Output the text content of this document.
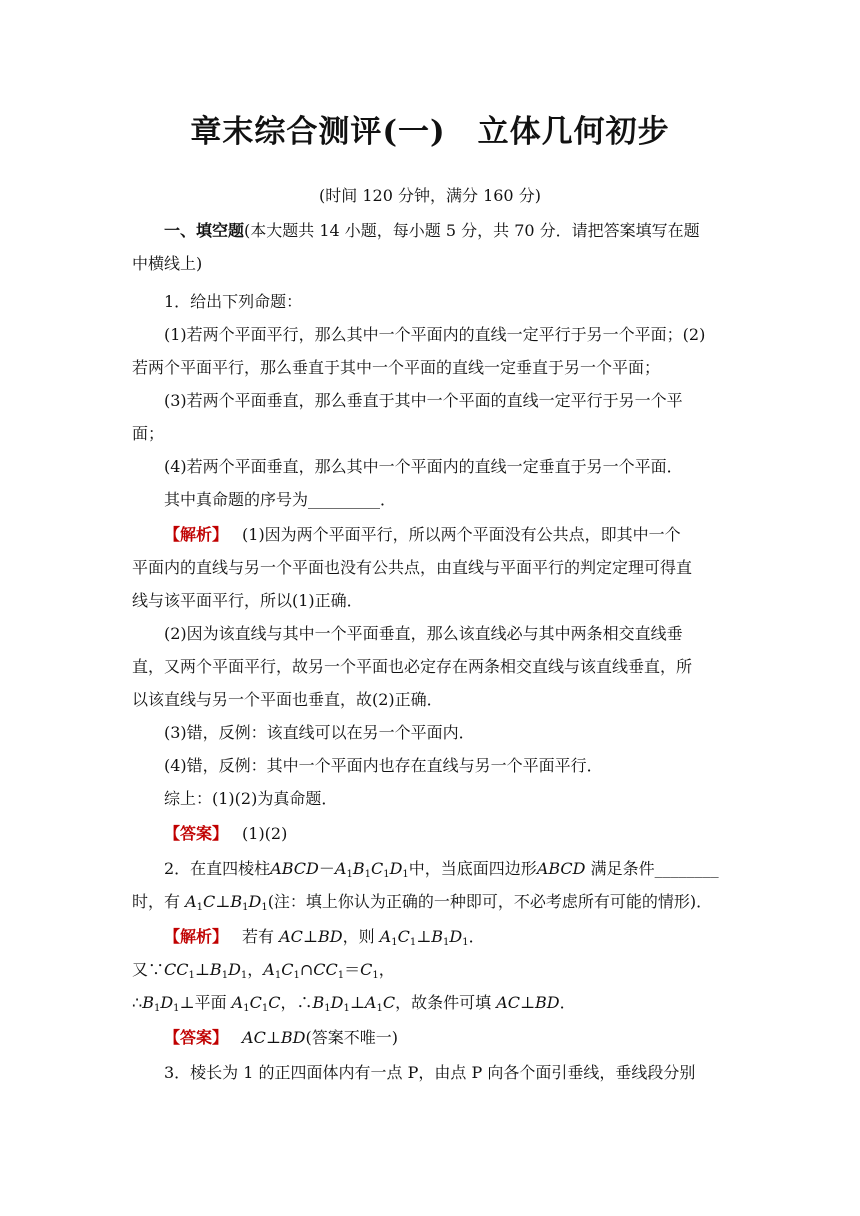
章末综合测评(一)　立体几何初步
(时间 120 分钟，满分 160 分)
一、填空题(本大题共 14 小题，每小题 5 分，共 70 分．请把答案填写在题
中横线上)
1．给出下列命题：
(1)若两个平面平行，那么其中一个平面内的直线一定平行于另一个平面；(2)
若两个平面平行，那么垂直于其中一个平面的直线一定垂直于另一个平面；
(3)若两个平面垂直，那么垂直于其中一个平面的直线一定平行于另一个平
面；
(4)若两个平面垂直，那么其中一个平面内的直线一定垂直于另一个平面．
其中真命题的序号为_________．
【解析】 (1)因为两个平面平行，所以两个平面没有公共点，即其中一个
平面内的直线与另一个平面也没有公共点，由直线与平面平行的判定定理可得直
线与该平面平行，所以(1)正确．
(2)因为该直线与其中一个平面垂直，那么该直线必与其中两条相交直线垂
直，又两个平面平行，故另一个平面也必定存在两条相交直线与该直线垂直，所
以该直线与另一个平面也垂直，故(2)正确．
(3)错，反例：该直线可以在另一个平面内．
(4)错，反例：其中一个平面内也存在直线与另一个平面平行．
综上：(1)(2)为真命题．
【答案】 (1)(2)
2．在直四棱柱$ABCD-A_1B_1C_1D_1$中，当底面四边形ABCD 满足条件________
时，有 $A_1C\perp B_1D_1$(注：填上你认为正确的一种即可，不必考虑所有可能的情形)．
【解析】 若有 AC⊥BD，则 $A_1C_1\perp B_1D_1$．
又$\because CC_1\perp B_1D_1$，$A_1C_1\cap CC_1=C_1$，
$\therefore B_1D_1\perp$平面 $A_1C_1C$，$\therefore B_1D_1\perp A_1C$，故条件可填 AC⊥BD．
【答案】 AC⊥BD(答案不唯一)
3．棱长为 1 的正四面体内有一点 P，由点 P 向各个面引垂线，垂线段分别
